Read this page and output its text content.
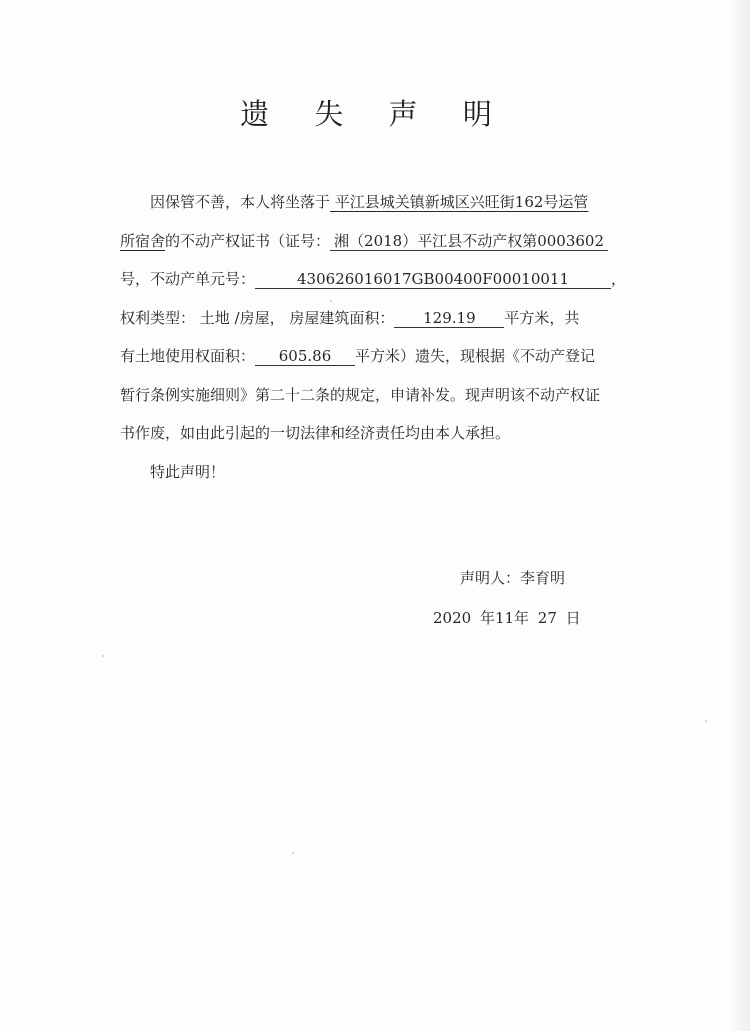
遗 失 声 明
因保管不善，本人将坐落于 平江县城关镇新城区兴旺街162号运管
所宿舍的不动产权证书（证号： 湘（2018）平江县不动产权第0003602
号，不动产单元号：	430626016017GB00400F00010011	，
权利类型： 土地 /房屋， 房屋建筑面积： 129.19 平方米，共
有土地使用权面积： 605.86 平方米）遗失，现根据《不动产登记
暂行条例实施细则》第二十二条的规定，申请补发。现声明该不动产权证
书作废，如由此引起的一切法律和经济责任均由本人承担。
特此声明！
声明人：李育明
2020 年11年 27 日
